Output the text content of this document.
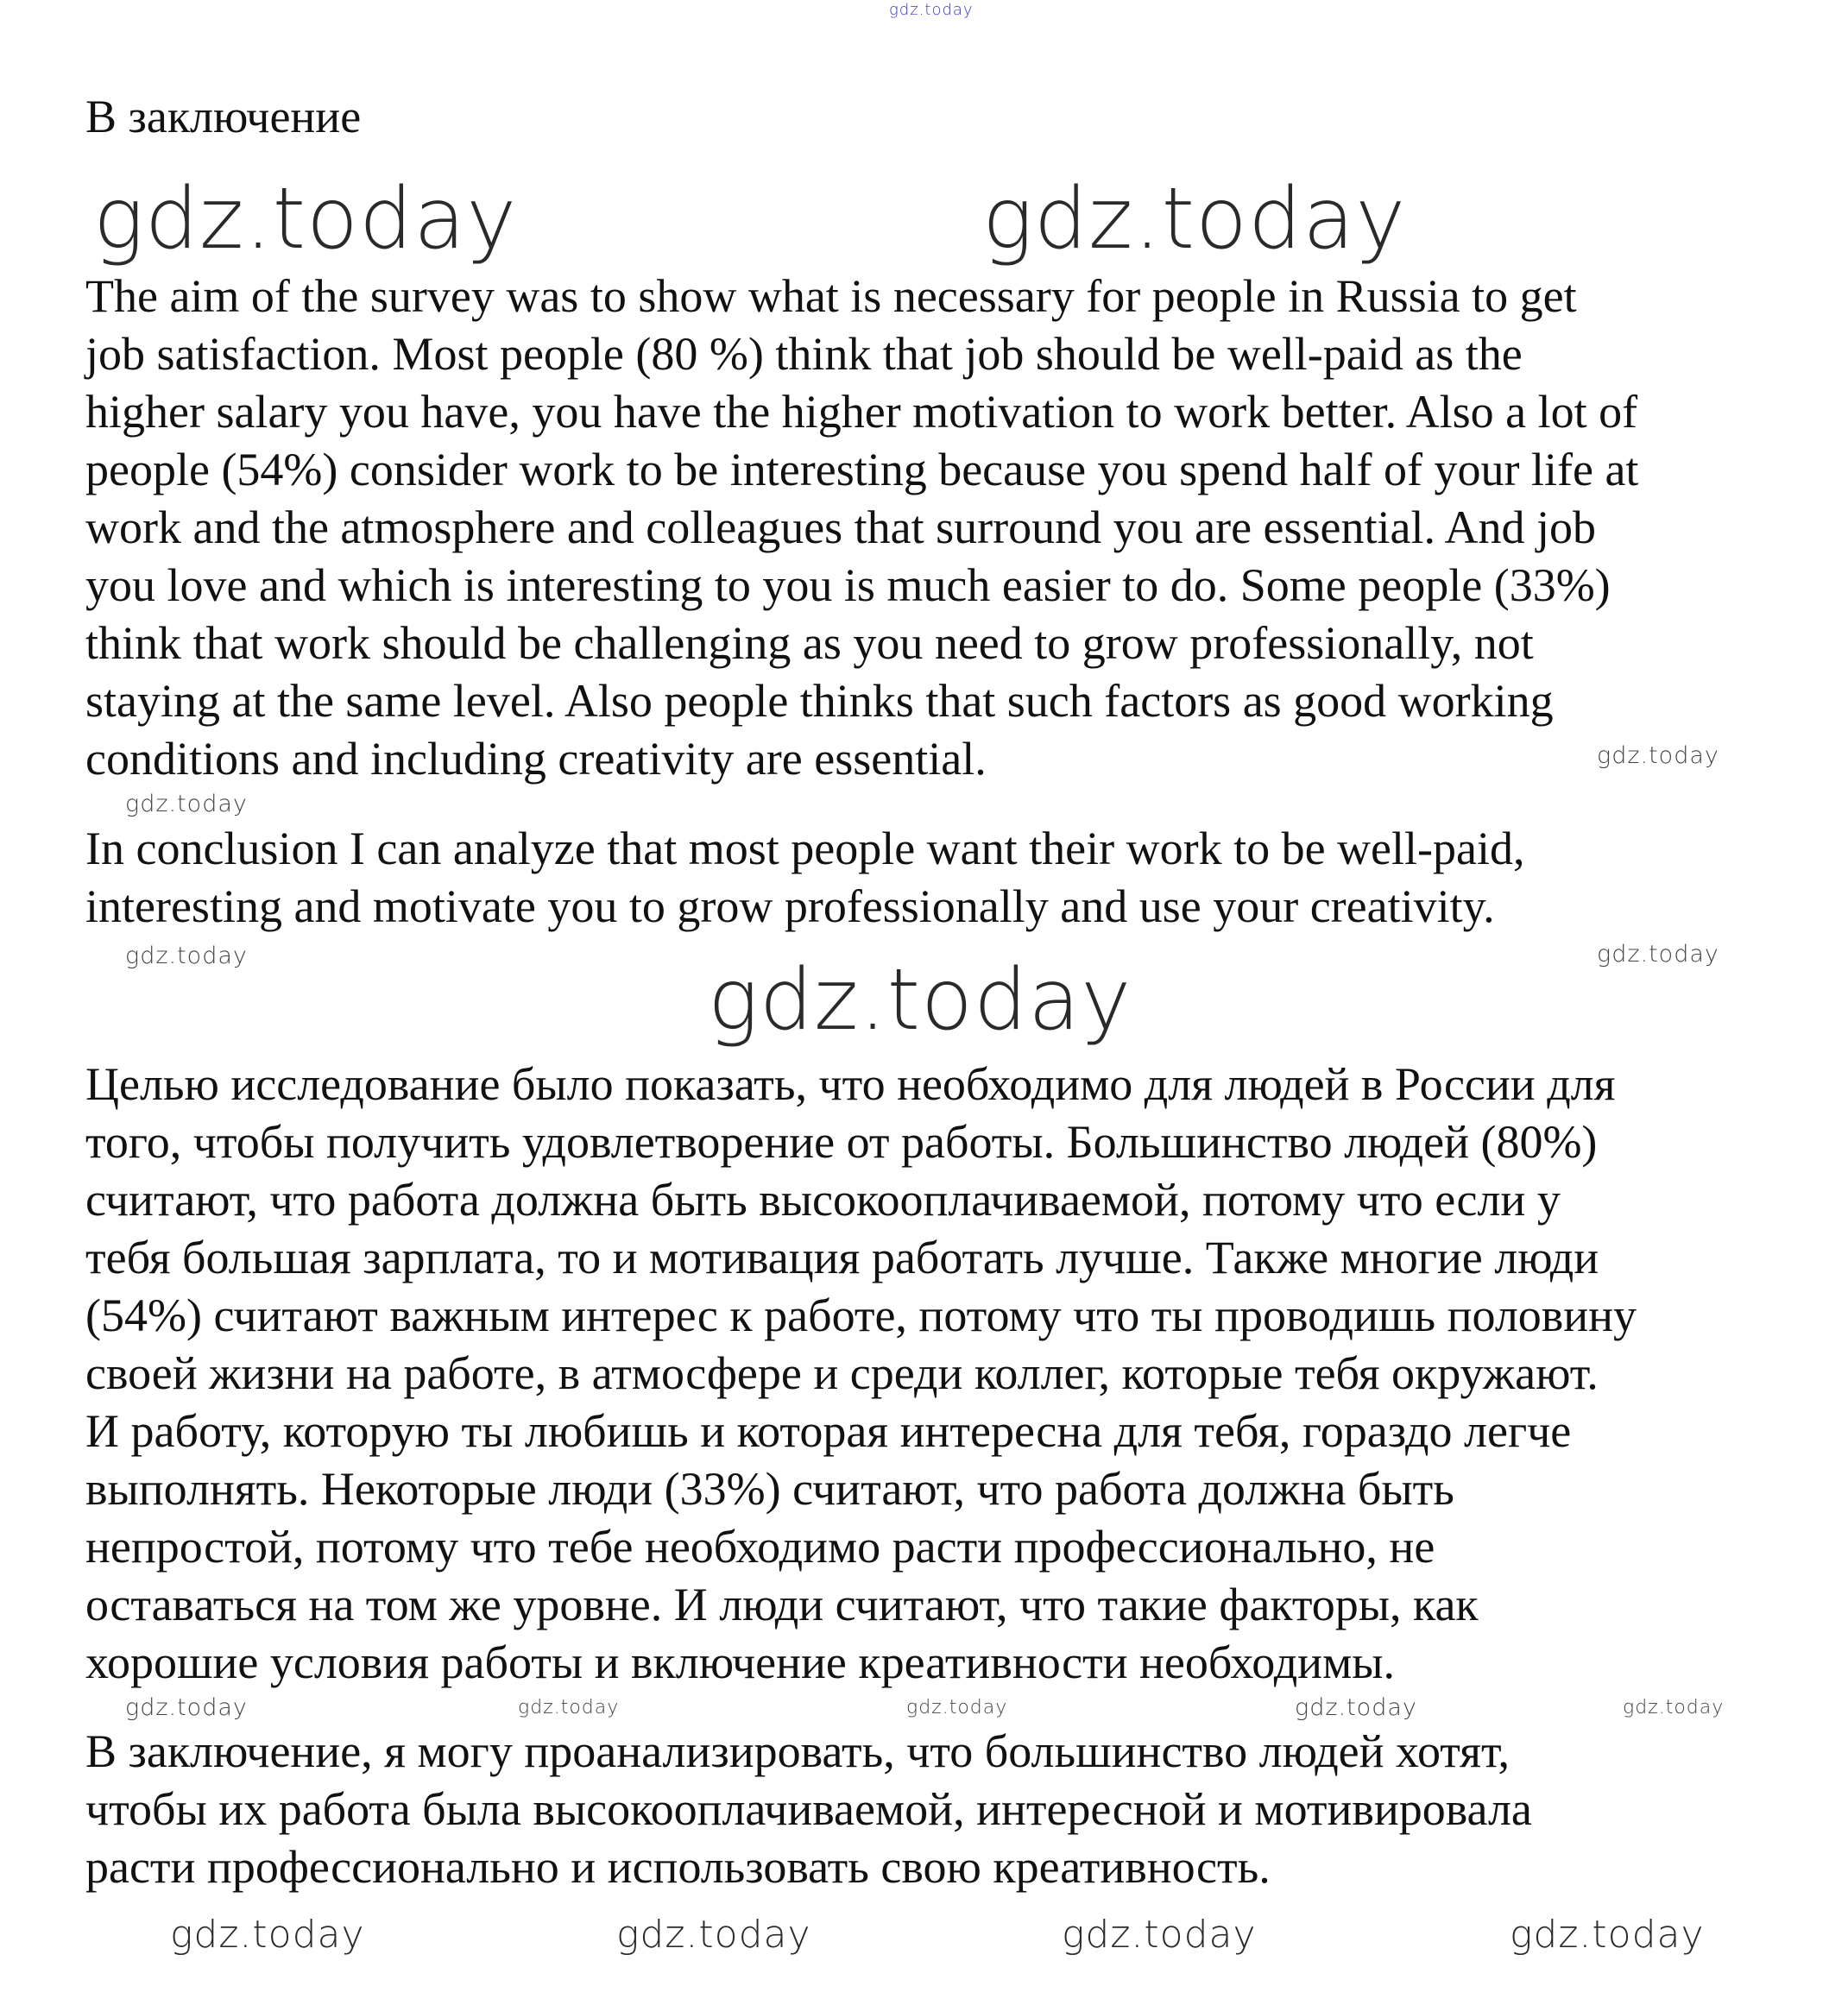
gdz.today
В заключение
The aim of the survey was to show what is necessary for people in Russia to get
job satisfaction. Most people (80 %) think that job should be well-paid as the
higher salary you have, you have the higher motivation to work better. Also a lot of
people (54%) consider work to be interesting because you spend half of your life at
work and the atmosphere and colleagues that surround you are essential. And job
you love and which is interesting to you is much easier to do. Some people (33%)
think that work should be challenging as you need to grow professionally, not
staying at the same level. Also people thinks that such factors as good working
conditions and including creativity are essential.
In conclusion I can analyze that most people want their work to be well-paid,
interesting and motivate you to grow professionally and use your creativity.
Целью исследование было показать, что необходимо для людей в России для
того, чтобы получить удовлетворение от работы. Большинство людей (80%)
считают, что работа должна быть высокооплачиваемой, потому что если у
тебя большая зарплата, то и мотивация работать лучше. Также многие люди
(54%) считают важным интерес к работе, потому что ты проводишь половину
своей жизни на работе, в атмосфере и среди коллег, которые тебя окружают.
И работу, которую ты любишь и которая интересна для тебя, гораздо легче
выполнять. Некоторые люди (33%) считают, что работа должна быть
непростой, потому что тебе необходимо расти профессионально, не
оставаться на том же уровне. И люди считают, что такие факторы, как
хорошие условия работы и включение креативности необходимы.
В заключение, я могу проанализировать, что большинство людей хотят,
чтобы их работа была высокооплачиваемой, интересной и мотивировала
расти профессионально и использовать свою креативность.
gdz.today	gdz.today
gdz.today
gdz.today
gdz.today
gdz.today
gdz.today
gdz.today	gdz.today	gdz.today	gdz.today	gdz.today
gdz.today	gdz.today	gdz.today	gdz.today
